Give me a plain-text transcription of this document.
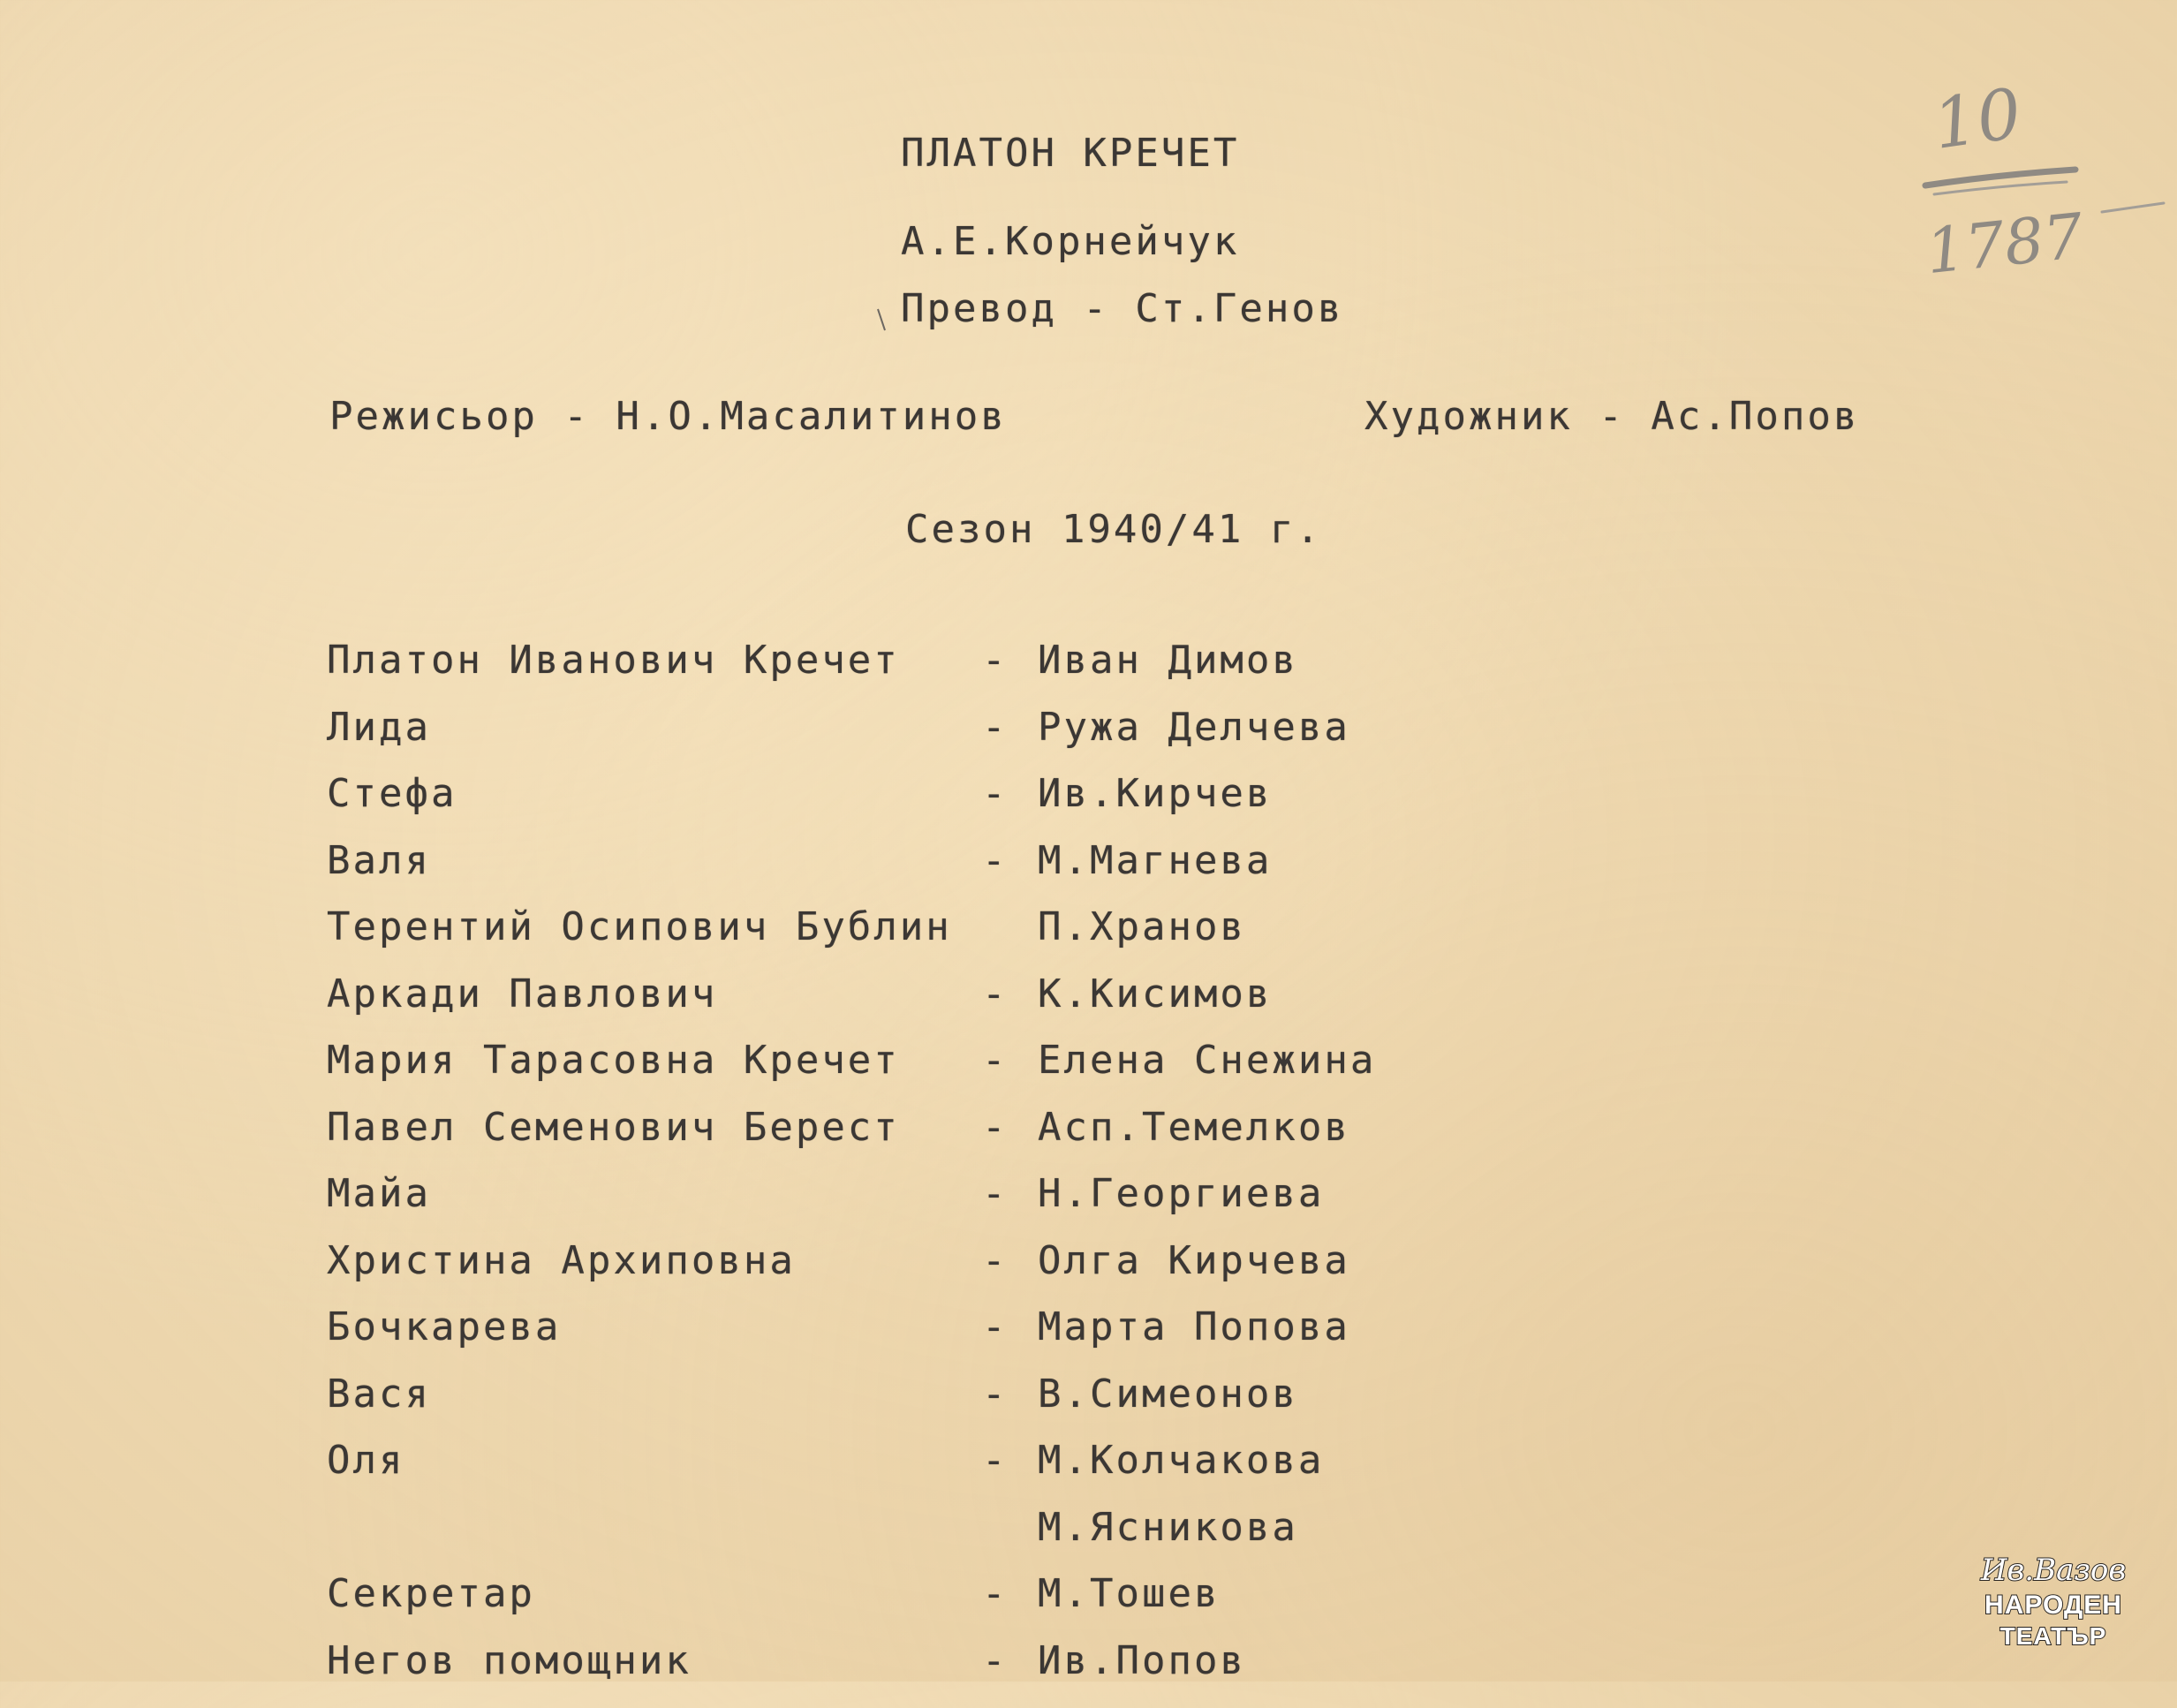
ПЛАТОН КРЕЧЕТ
А.Е.Корнейчук
Превод - Ст.Генов
Режисьор - Н.О.Масалитинов	Художник - Ас.Попов
Сезон 1940/41 г.
Платон Иванович Кречет - Иван Димов
Лида	- Ружа Делчева
Стефа	- Ив.Кирчев
Валя	- М.Магнева
Терентий Осипович Бублин П.Хранов
Аркади Павлович	- К.Кисимов
Мария Тарасовна Кречет - Елена Снежина
Павел Семенович Берест - Асп.Темелков
Майа	- Н.Георгиева
Христина Архиповна	- Олга Кирчева
Бочкарева	- Марта Попова
Вася	- В.Симеонов
Оля	- М.Колчакова
М.Ясникова
Секретар	- М.Тошев
Негов помощник	- Ив.Попов
10
1787
Ив.Вазов
НАРОДЕН
ТЕАТЪР
